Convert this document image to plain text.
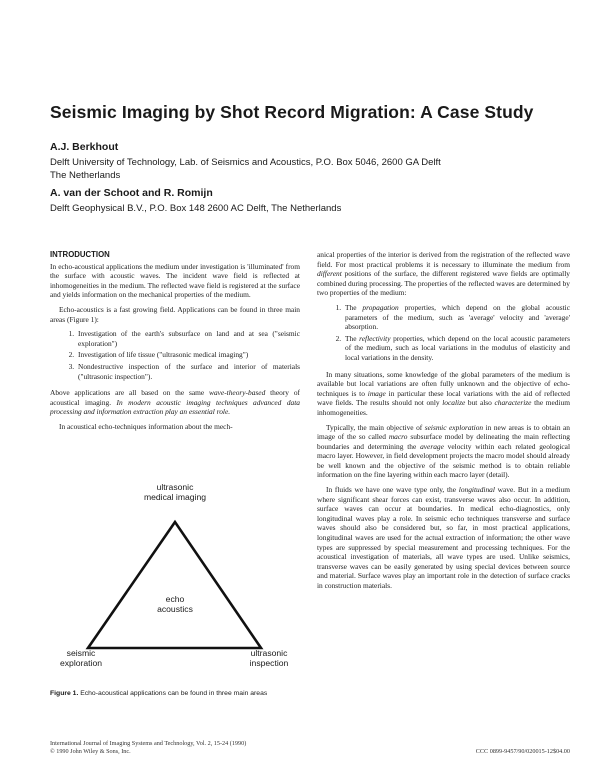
Seismic Imaging by Shot Record Migration: A Case Study
A.J. Berkhout
Delft University of Technology, Lab. of Seismics and Acoustics, P.O. Box 5046, 2600 GA Delft
The Netherlands
A. van der Schoot and R. Romijn
Delft Geophysical B.V., P.O. Box 148 2600 AC Delft, The Netherlands
INTRODUCTION

In echo-acoustical applications the medium under investigation is 'illuminated' from the surface with acoustic waves. The incident wave field is reflected at inhomogeneities in the medium. The reflected wave field is registered at the surface and yields information on the mechanical properties of the medium.

Echo-acoustics is a fast growing field. Applications can be found in three main areas (Figure 1):

1. Investigation of the earth's subsurface on land and at sea ("seismic exploration")
2. Investigation of life tissue ("ultrasonic medical imaging")
3. Nondestructive inspection of the surface and interior of materials ("ultrasonic inspection").

Above applications are all based on the same wave-theory-based theory of acoustical imaging. In modern acoustic imaging techniques advanced data processing and information extraction play an essential role.

In acoustical echo-techniques information about the mech-

ultrasonic
medical imaging
echo
acoustics
seismic
exploration
ultrasonic
inspection
Figure 1. Echo-acoustical applications can be found in three main areas

anical properties of the interior is derived from the registration of the reflected wave field. For most practical problems it is necessary to illuminate the medium from different positions of the surface, the different registered wave fields are optimally combined during processing. The properties of the reflected waves are determined by two properties of the medium:

1. The propagation properties, which depend on the global acoustic parameters of the medium, such as 'average' velocity and 'average' absorption.
2. The reflectivity properties, which depend on the local acoustic parameters of the medium, such as local variations in the modulus of elasticity and local variations in the density.

In many situations, some knowledge of the global parameters of the medium is available but local variations are often fully unknown and the objective of echo-techniques is to image in particular these local variations with the aid of reflected wave fields. The results should not only localize but also characterize the medium inhomogeneities.

Typically, the main objective of seismic exploration in new areas is to obtain an image of the so called macro subsurface model by delineating the main reflecting boundaries and determining the average velocity within each related geological macro layer. However, in field development projects the macro model should already be well known and the objective of the seismic method is to obtain reliable information on the fine layering within each macro layer (detail).

In fluids we have one wave type only, the longitudinal wave. But in a medium where significant shear forces can exist, transverse waves also occur. In addition, surface waves can occur at boundaries. In medical echo-diagnostics, only longitudinal waves play a role. In seismic echo techniques transverse and surface waves should also be considered but, so far, in most practical applications, longitudinal waves are used for the actual extraction of information; the other wave types are suppressed by special measurement and processing techniques. For the acoustical investigation of materials, all wave types are used. Unlike seismics, transverse waves can be easily generated by using special devices between source and material. Surface waves play an important role in the detection of surface cracks in construction materials.

International Journal of Imaging Systems and Technology, Vol. 2, 15-24 (1990)
© 1990 John Wiley & Sons, Inc.	CCC 0899-9457/90/020015-12$04.00
